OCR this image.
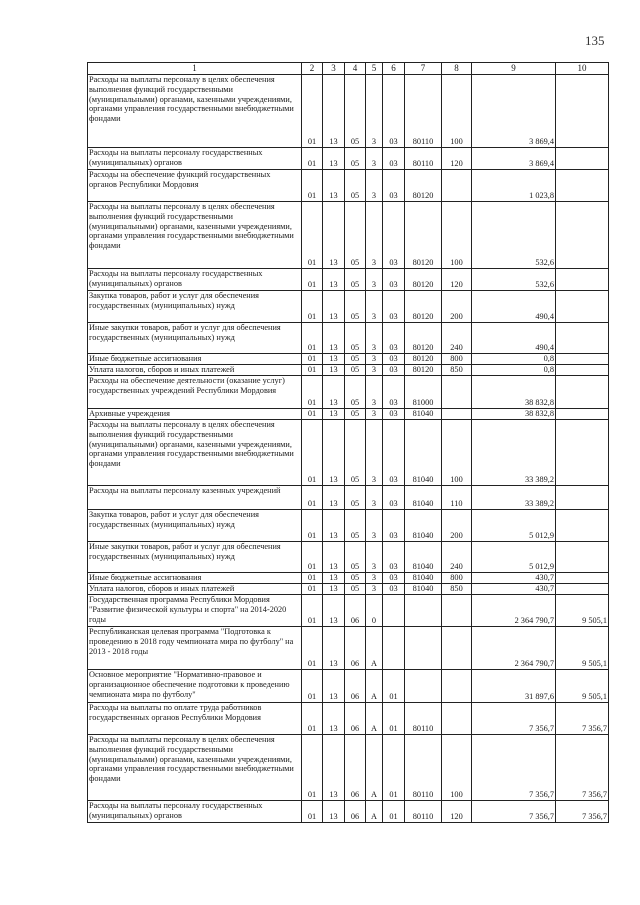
135
1	2	3	4	5	6	7	8	9	10
Расходы на выплаты персоналу в целях обеспечения выполнения функций государственными (муниципальными) органами, казенными учреждениями, органами управления государственными внебюджетными фондами	01	13	05	3	03	80110	100	3 869,4	
Расходы на выплаты персоналу государственных (муниципальных) органов	01	13	05	3	03	80110	120	3 869,4	
Расходы на обеспечение функций государственных органов Республики Мордовия	01	13	05	3	03	80120		1 023,8	
Расходы на выплаты персоналу в целях обеспечения выполнения функций государственными (муниципальными) органами, казенными учреждениями, органами управления государственными внебюджетными фондами	01	13	05	3	03	80120	100	532,6	
Расходы на выплаты персоналу государственных (муниципальных) органов	01	13	05	3	03	80120	120	532,6	
Закупка товаров, работ и услуг для обеспечения государственных (муниципальных) нужд	01	13	05	3	03	80120	200	490,4	
Иные закупки товаров, работ и услуг для обеспечения государственных (муниципальных) нужд	01	13	05	3	03	80120	240	490,4	
Иные бюджетные ассигнования	01	13	05	3	03	80120	800	0,8	
Уплата налогов, сборов и иных платежей	01	13	05	3	03	80120	850	0,8	
Расходы на обеспечение деятельности (оказание услуг) государственных учреждений Республики Мордовия	01	13	05	3	03	81000		38 832,8	
Архивные учреждения	01	13	05	3	03	81040		38 832,8	
Расходы на выплаты персоналу в целях обеспечения выполнения функций государственными (муниципальными) органами, казенными учреждениями, органами управления государственными внебюджетными фондами	01	13	05	3	03	81040	100	33 389,2	
Расходы на выплаты персоналу казенных учреждений	01	13	05	3	03	81040	110	33 389,2	
Закупка товаров, работ и услуг для обеспечения государственных (муниципальных) нужд	01	13	05	3	03	81040	200	5 012,9	
Иные закупки товаров, работ и услуг для обеспечения государственных (муниципальных) нужд	01	13	05	3	03	81040	240	5 012,9	
Иные бюджетные ассигнования	01	13	05	3	03	81040	800	430,7	
Уплата налогов, сборов и иных платежей	01	13	05	3	03	81040	850	430,7	
Государственная программа Республики Мордовия "Развитие физической культуры и спорта" на 2014-2020 годы	01	13	06	0				2 364 790,7	9 505,1
Республиканская целевая программа "Подготовка к проведению в 2018 году чемпионата мира по футболу" на 2013 - 2018 годы	01	13	06	А				2 364 790,7	9 505,1
Основное мероприятие "Нормативно-правовое и организационное обеспечение подготовки к проведению чемпионата мира по футболу"	01	13	06	А	01			31 897,6	9 505,1
Расходы на выплаты по оплате труда работников государственных органов Республики Мордовия	01	13	06	А	01	80110		7 356,7	7 356,7
Расходы на выплаты персоналу в целях обеспечения выполнения функций государственными (муниципальными) органами, казенными учреждениями, органами управления государственными внебюджетными фондами	01	13	06	А	01	80110	100	7 356,7	7 356,7
Расходы на выплаты персоналу государственных (муниципальных) органов	01	13	06	А	01	80110	120	7 356,7	7 356,7
